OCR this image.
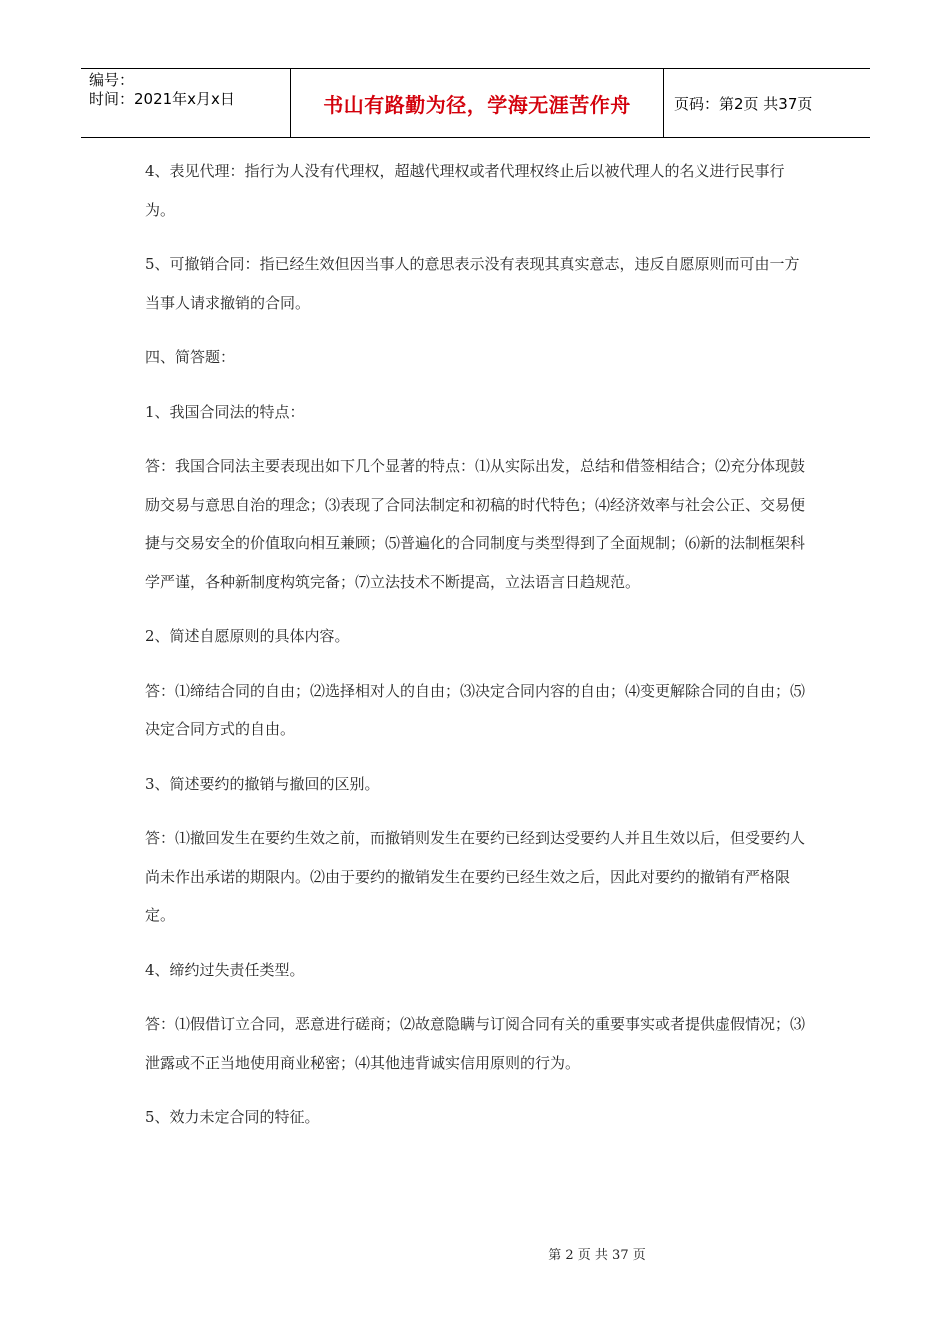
编号：
时间：2021年x月x日	书山有路勤为径，学海无涯苦作舟	页码：第2页 共37页

4、表见代理：指行为人没有代理权，超越代理权或者代理权终止后以被代理人的名义进行民事行为。

5、可撤销合同：指已经生效但因当事人的意思表示没有表现其真实意志，违反自愿原则而可由一方当事人请求撤销的合同。

四、简答题：

1、我国合同法的特点：

答：我国合同法主要表现出如下几个显著的特点：⑴从实际出发，总结和借签相结合；⑵充分体现鼓励交易与意思自治的理念；⑶表现了合同法制定和初稿的时代特色；⑷经济效率与社会公正、交易便捷与交易安全的价值取向相互兼顾；⑸普遍化的合同制度与类型得到了全面规制；⑹新的法制框架科学严谨，各种新制度构筑完备；⑺立法技术不断提高，立法语言日趋规范。

2、简述自愿原则的具体内容。

答：⑴缔结合同的自由；⑵选择相对人的自由；⑶决定合同内容的自由；⑷变更解除合同的自由；⑸决定合同方式的自由。

3、简述要约的撤销与撤回的区别。

答：⑴撤回发生在要约生效之前，而撤销则发生在要约已经到达受要约人并且生效以后，但受要约人尚未作出承诺的期限内。⑵由于要约的撤销发生在要约已经生效之后，因此对要约的撤销有严格限定。

4、缔约过失责任类型。

答：⑴假借订立合同，恶意进行磋商；⑵故意隐瞒与订阅合同有关的重要事实或者提供虚假情况；⑶泄露或不正当地使用商业秘密；⑷其他违背诚实信用原则的行为。

5、效力未定合同的特征。

第 2 页 共 37 页
